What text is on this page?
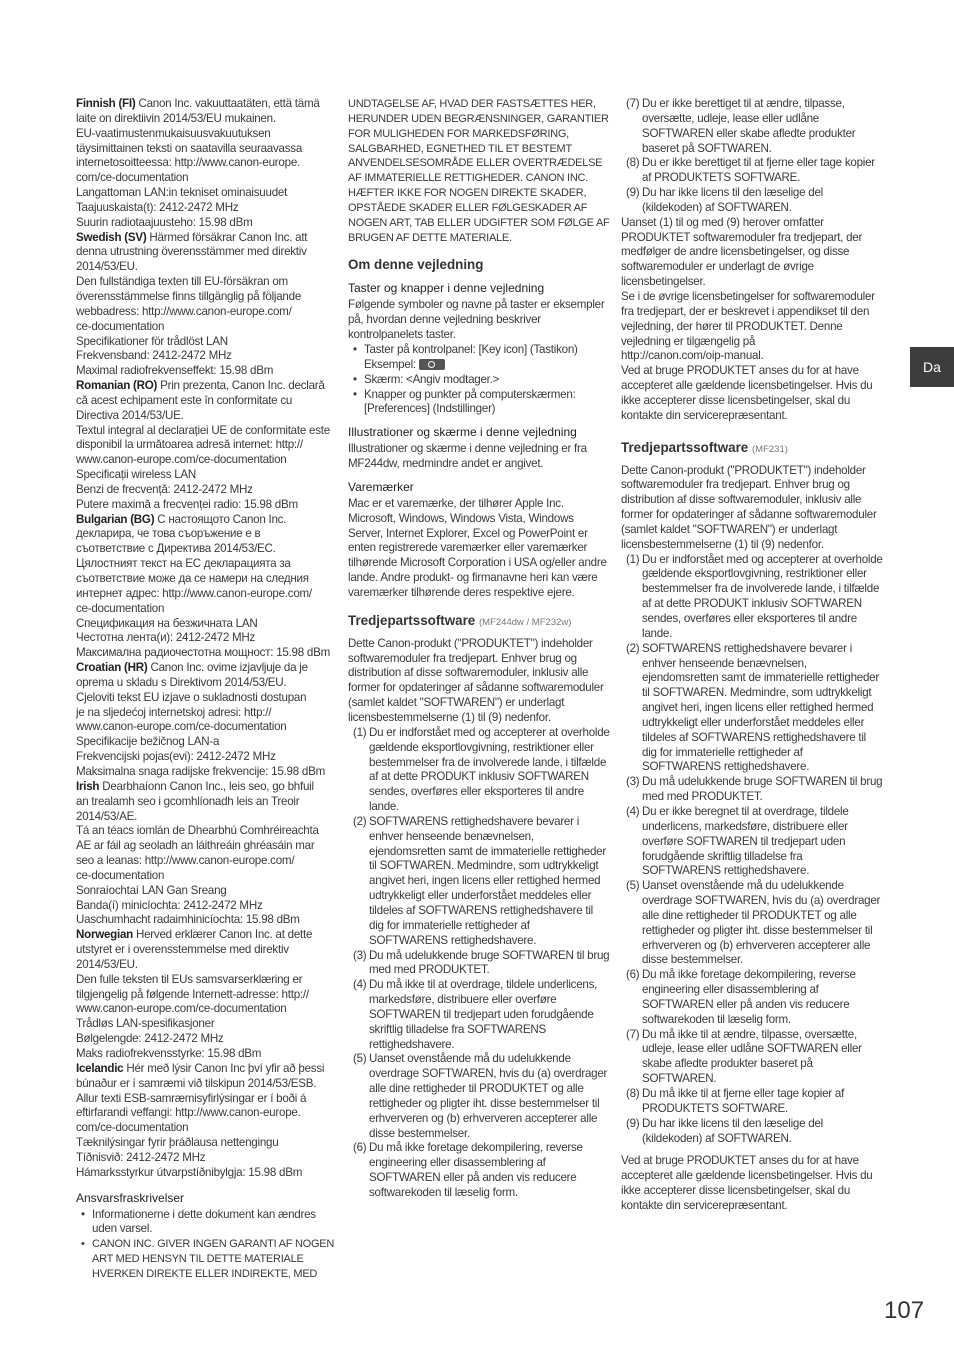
Finnish (FI) Canon Inc. vakuuttaatäten, että tämä
laite on direktiivin 2014/53/EU mukainen.
EU-vaatimustenmukaisuusvakuutuksen
täysimittainen teksti on saatavilla seuraavassa
internetosoitteessa: http://www.canon-europe.
com/ce-documentation
Langattoman LAN:in tekniset ominaisuudet
Taajuuskaista(t): 2412-2472 MHz
Suurin radiotaajuusteho: 15.98 dBm
Swedish (SV) Härmed försäkrar Canon Inc. att
denna utrustning överensstämmer med direktiv
2014/53/EU.
Den fullständiga texten till EU-försäkran om
överensstämmelse finns tillgänglig på följande
webbadress: http://www.canon-europe.com/
ce-documentation
Specifikationer för trådlöst LAN
Frekvensband: 2412-2472 MHz
Maximal radiofrekvenseffekt: 15.98 dBm
Romanian (RO) Prin prezenta, Canon Inc. declară
că acest echipament este în conformitate cu
Directiva 2014/53/UE.
Textul integral al declarației UE de conformitate este
disponibil la următoarea adresă internet: http://
www.canon-europe.com/ce-documentation
Specificații wireless LAN
Benzi de frecvență: 2412-2472 MHz
Putere maximă a frecvenței radio: 15.98 dBm
Bulgarian (BG) С настоящото Canon Inc.
декларира, че това съоръжение е в
съответствие с Директива 2014/53/ЕС.
Цялостният текст на ЕС декларацията за
съответствие може да се намери на следния
интернет адрес: http://www.canon-europe.com/
ce-documentation
Спецификация на безжичната LAN
Честотна лента(и): 2412-2472 MHz
Максимална радиочестотна мощност: 15.98 dBm
Croatian (HR) Canon Inc. ovime izjavljuje da je
oprema u skladu s Direktivom 2014/53/EU.
Cjeloviti tekst EU izjave o sukladnosti dostupan
je na sljedećoj internetskoj adresi: http://
www.canon-europe.com/ce-documentation
Specifikacije bežičnog LAN-a
Frekvencijski pojas(evi): 2412-2472 MHz
Maksimalna snaga radijske frekvencije: 15.98 dBm
Irish Dearbhaíonn Canon Inc., leis seo, go bhfuil
an trealamh seo i gcomhlíonadh leis an Treoir
2014/53/AE.
Tá an téacs iomlán de Dhearbhú Comhréireachta
AE ar fáil ag seoladh an láithreáin ghréasáin mar
seo a leanas: http://www.canon-europe.com/
ce-documentation
Sonraíochtaí LAN Gan Sreang
Banda(í) minicíochta: 2412-2472 MHz
Uaschumhacht radaimhinicíochta: 15.98 dBm
Norwegian Herved erklærer Canon Inc. at dette
utstyret er i overensstemmelse med direktiv
2014/53/EU.
Den fulle teksten til EUs samsvarserklæring er
tilgjengelig på følgende Internett-adresse: http://
www.canon-europe.com/ce-documentation
Trådløs LAN-spesifikasjoner
Bølgelengde: 2412-2472 MHz
Maks radiofrekvensstyrke: 15.98 dBm
Icelandic Hér með lýsir Canon Inc því yfir að þessi
búnaður er í samræmi við tilskipun 2014/53/ESB.
Allur texti ESB-samræmisyfirlýsingar er í boði á
eftirfarandi veffangi: http://www.canon-europe.
com/ce-documentation
Tæknilýsingar fyrir þráðlausa nettengingu
Tíðnisvið: 2412-2472 MHz
Hámarksstyrkur útvarpstíðnibylgja: 15.98 dBm
Ansvarsfraskrivelser
• Informationerne i dette dokument kan ændres uden varsel.
• CANON INC. GIVER INGEN GARANTI AF NOGEN ART MED HENSYN TIL DETTE MATERIALE HVERKEN DIREKTE ELLER INDIREKTE, MED

UNDTAGELSE AF, HVAD DER FASTSÆTTES HER, HERUNDER UDEN BEGRÆNSNINGER, GARANTIER FOR MULIGHEDEN FOR MARKEDSFØRING, SALGBARHED, EGNETHED TIL ET BESTEMT ANVENDELSESOMRÅDE ELLER OVERTRÆDELSE AF IMMATERIELLE RETTIGHEDER. CANON INC. HÆFTER IKKE FOR NOGEN DIREKTE SKADER, OPSTÅEDE SKADER ELLER FØLGESKADER AF NOGEN ART, TAB ELLER UDGIFTER SOM FØLGE AF BRUGEN AF DETTE MATERIALE.

Om denne vejledning
Taster og knapper i denne vejledning

Følgende symboler og navne på taster er eksempler på, hvordan denne vejledning beskriver kontrolpanelets taster.

• Taster på kontrolpanel: [Key icon] (Tastikon)
Eksempel:
• Skærm: <Angiv modtager.>
• Knapper og punkter på computerskærmen: [Preferences] (Indstillinger)
Illustrationer og skærme i denne vejledning

Illustrationer og skærme i denne vejledning er fra MF244dw, medmindre andet er angivet.

Varemærker

Mac er et varemærke, der tilhører Apple Inc. Microsoft, Windows, Windows Vista, Windows Server, Internet Explorer, Excel og PowerPoint er enten registrerede varemærker eller varemærker tilhørende Microsoft Corporation i USA og/eller andre lande. Andre produkt- og firmanavne heri kan være varemærker tilhørende deres respektive ejere.

Tredjepartssoftware (MF244dw / MF232w)

Dette Canon-produkt ("PRODUKTET") indeholder softwaremoduler fra tredjepart. Enhver brug og distribution af disse softwaremoduler, inklusiv alle former for opdateringer af sådanne softwaremoduler (samlet kaldet "SOFTWAREN") er underlagt licensbestemmelserne (1) til (9) nedenfor.

(1) Du er indforstået med og accepterer at overholde gældende eksportlovgivning, restriktioner eller bestemmelser fra de involverede lande, i tilfælde af at dette PRODUKT inklusiv SOFTWAREN sendes, overføres eller eksporteres til andre lande.
(2) SOFTWARENS rettighedshavere bevarer i enhver henseende benævnelsen, ejendomsretten samt de immaterielle rettigheder til SOFTWAREN. Medmindre, som udtrykkeligt angivet heri, ingen licens eller rettighed hermed udtrykkeligt eller underforstået meddeles eller tildeles af SOFTWARENS rettighedshavere til dig for immaterielle rettigheder af SOFTWARENS rettighedshavere.
(3) Du må udelukkende bruge SOFTWAREN til brug med med PRODUKTET.
(4) Du må ikke til at overdrage, tildele underlicens, markedsføre, distribuere eller overføre SOFTWAREN til tredjepart uden forudgående skriftlig tilladelse fra SOFTWARENS rettighedshavere.
(5) Uanset ovenstående må du udelukkende overdrage SOFTWAREN, hvis du (a) overdrager alle dine rettigheder til PRODUKTET og alle rettigheder og pligter iht. disse bestemmelser til erhververen og (b) erhververen accepterer alle disse bestemmelser.
(6) Du må ikke foretage dekompilering, reverse engineering eller disassemblering af SOFTWAREN eller på anden vis reducere softwarekoden til læselig form.
(7) Du er ikke berettiget til at ændre, tilpasse, oversætte, udleje, lease eller udlåne SOFTWAREN eller skabe afledte produkter baseret på SOFTWAREN.
(8) Du er ikke berettiget til at fjerne eller tage kopier af PRODUKTETS SOFTWARE.
(9) Du har ikke licens til den læselige del (kildekoden) af SOFTWAREN.

Uanset (1) til og med (9) herover omfatter PRODUKTET softwaremoduler fra tredjepart, der medfølger de andre licensbetingelser, og disse softwaremoduler er underlagt de øvrige licensbetingelser.

Se i de øvrige licensbetingelser for softwaremoduler fra tredjepart, der er beskrevet i appendikset til den vejledning, der hører til PRODUKTET. Denne vejledning er tilgængelig på
http://canon.com/oip-manual.

Ved at bruge PRODUKTET anses du for at have accepteret alle gældende licensbetingelser. Hvis du ikke accepterer disse licensbetingelser, skal du kontakte din servicerepræsentant.

Tredjepartssoftware (MF231)

Dette Canon-produkt ("PRODUKTET") indeholder softwaremoduler fra tredjepart. Enhver brug og distribution af disse softwaremoduler, inklusiv alle former for opdateringer af sådanne softwaremoduler (samlet kaldet "SOFTWAREN") er underlagt licensbestemmelserne (1) til (9) nedenfor.

(1) Du er indforstået med og accepterer at overholde gældende eksportlovgivning, restriktioner eller bestemmelser fra de involverede lande, i tilfælde af at dette PRODUKT inklusiv SOFTWAREN sendes, overføres eller eksporteres til andre lande.
(2) SOFTWARENS rettighedshavere bevarer i enhver henseende benævnelsen, ejendomsretten samt de immaterielle rettigheder til SOFTWAREN. Medmindre, som udtrykkeligt angivet heri, ingen licens eller rettighed hermed udtrykkeligt eller underforstået meddeles eller tildeles af SOFTWARENS rettighedshavere til dig for immaterielle rettigheder af SOFTWARENS rettighedshavere.
(3) Du må udelukkende bruge SOFTWAREN til brug med med PRODUKTET.
(4) Du er ikke beregnet til at overdrage, tildele underlicens, markedsføre, distribuere eller overføre SOFTWAREN til tredjepart uden forudgående skriftlig tilladelse fra SOFTWARENS rettighedshavere.
(5) Uanset ovenstående må du udelukkende overdrage SOFTWAREN, hvis du (a) overdrager alle dine rettigheder til PRODUKTET og alle rettigheder og pligter iht. disse bestemmelser til erhververen og (b) erhververen accepterer alle disse bestemmelser.
(6) Du må ikke foretage dekompilering, reverse engineering eller disassemblering af SOFTWAREN eller på anden vis reducere softwarekoden til læselig form.
(7) Du må ikke til at ændre, tilpasse, oversætte, udleje, lease eller udlåne SOFTWAREN eller skabe afledte produkter baseret på SOFTWAREN.
(8) Du må ikke til at fjerne eller tage kopier af PRODUKTETS SOFTWARE.
(9) Du har ikke licens til den læselige del (kildekoden) af SOFTWAREN.

Ved at bruge PRODUKTET anses du for at have accepteret alle gældende licensbetingelser. Hvis du ikke accepterer disse licensbetingelser, skal du kontakte din servicerepræsentant.

Da
107
